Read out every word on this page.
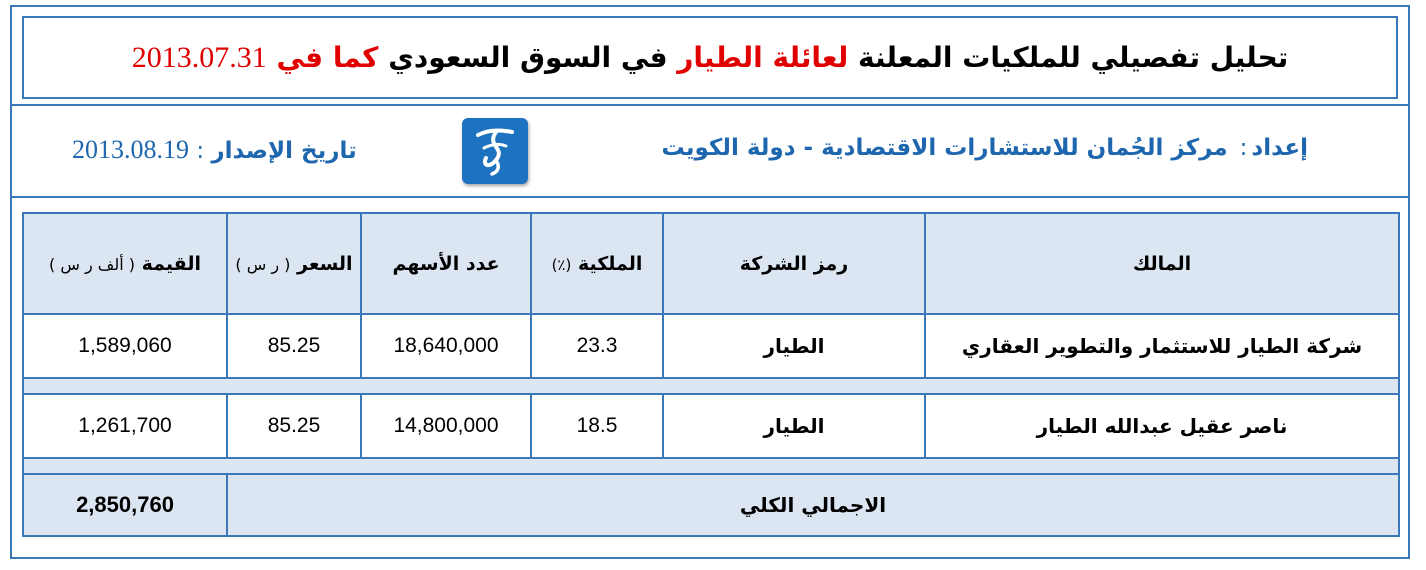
تحليل تفصيلي للملكيات المعلنة لعائلة الطيار في السوق السعودي كما في 2013.07.31
إعداد: مركز الجُمان للاستشارات الاقتصادية - دولة الكويت
تاريخ الإصدار : 2013.08.19
القيمة ( ألف ر س )	السعر ( ر س )	عدد الأسهم	الملكية (٪)	رمز الشركة	المالك
1,589,060	85.25	18,640,000	23.3	الطيار	شركة الطيار للاستثمار والتطوير العقاري

1,261,700	85.25	14,800,000	18.5	الطيار	ناصر عقيل عبدالله الطيار

2,850,760	الاجمالي الكلي				
